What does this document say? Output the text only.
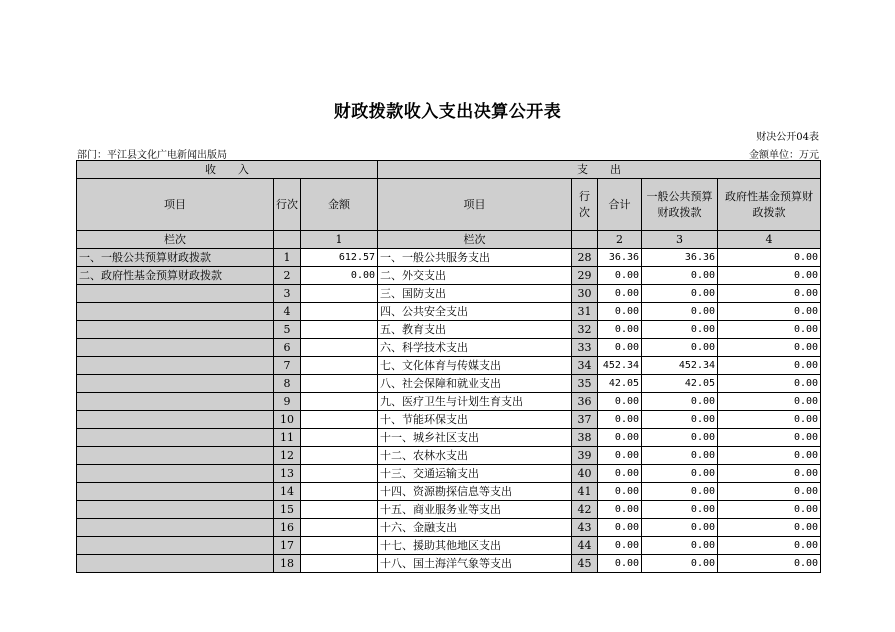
财政拨款收入支出决算公开表
财决公开04表
部门：平江县文化广电新闻出版局	金额单位：万元
收　　入			支　　出				
项目	行次	金额	项目	行次	合计	一般公共预算财政拨款	政府性基金预算财政拨款
栏次		1	栏次		2	3	4
一、一般公共预算财政拨款	1	612.57	一、一般公共服务支出	28	36.36	36.36	0.00
二、政府性基金预算财政拨款	2	0.00	二、外交支出	29	0.00	0.00	0.00
	3		三、国防支出	30	0.00	0.00	0.00
	4		四、公共安全支出	31	0.00	0.00	0.00
	5		五、教育支出	32	0.00	0.00	0.00
	6		六、科学技术支出	33	0.00	0.00	0.00
	7		七、文化体育与传媒支出	34	452.34	452.34	0.00
	8		八、社会保障和就业支出	35	42.05	42.05	0.00
	9		九、医疗卫生与计划生育支出	36	0.00	0.00	0.00
	10		十、节能环保支出	37	0.00	0.00	0.00
	11		十一、城乡社区支出	38	0.00	0.00	0.00
	12		十二、农林水支出	39	0.00	0.00	0.00
	13		十三、交通运输支出	40	0.00	0.00	0.00
	14		十四、资源勘探信息等支出	41	0.00	0.00	0.00
	15		十五、商业服务业等支出	42	0.00	0.00	0.00
	16		十六、金融支出	43	0.00	0.00	0.00
	17		十七、援助其他地区支出	44	0.00	0.00	0.00
	18		十八、国土海洋气象等支出	45	0.00	0.00	0.00
